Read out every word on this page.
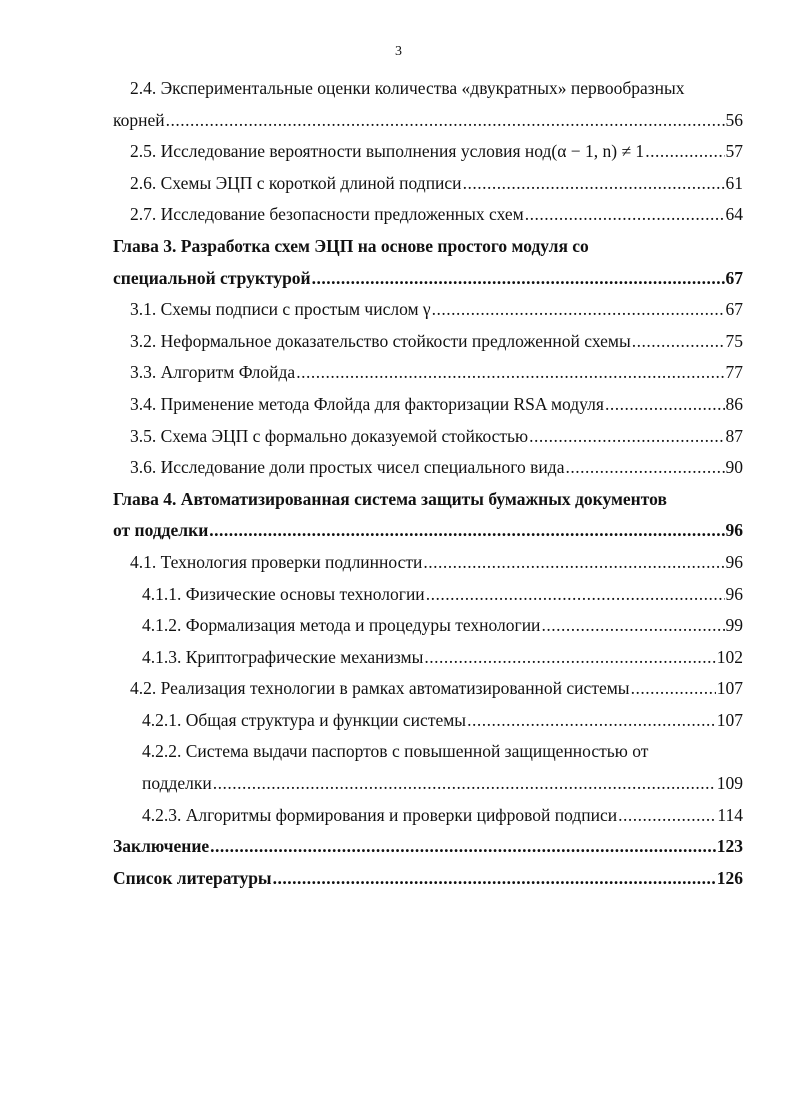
3
2.4. Экспериментальные оценки количества «двукратных» первообразных
корней .....	56
2.5. Исследование вероятности выполнения условия нод(α − 1, n) ≠ 1 .....	57
2.6. Схемы ЭЦП с короткой длиной подписи .....	61
2.7. Исследование безопасности предложенных схем .....	64
Глава 3. Разработка схем ЭЦП на основе простого модуля со
специальной структурой .....	67
3.1. Схемы подписи с простым числом γ .....	67
3.2. Неформальное доказательство стойкости предложенной схемы .....	75
3.3. Алгоритм Флойда .....	77
3.4. Применение метода Флойда для факторизации RSA модуля .....	86
3.5. Схема ЭЦП с формально доказуемой стойкостью .....	87
3.6. Исследование доли простых чисел специального вида .....	90
Глава 4. Автоматизированная система защиты бумажных документов
от подделки .....	96
4.1. Технология проверки подлинности .....	96
4.1.1. Физические основы технологии .....	96
4.1.2. Формализация метода и процедуры технологии .....	99
4.1.3. Криптографические механизмы .....	102
4.2. Реализация технологии в рамках автоматизированной системы .....	107
4.2.1. Общая структура и функции системы .....	107
4.2.2. Система выдачи паспортов с повышенной защищенностью от
подделки .....	109
4.2.3. Алгоритмы формирования и проверки цифровой подписи .....	114
Заключение .....	123
Список литературы .....	126
